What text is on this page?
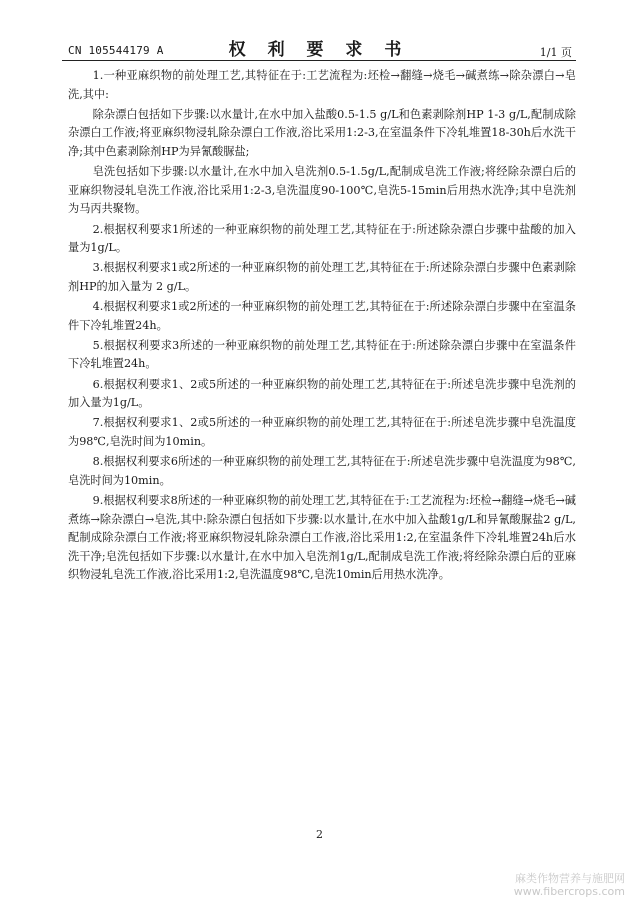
CN 105544179 A	权 利 要 求 书	1/1 页

1.一种亚麻织物的前处理工艺,其特征在于:工艺流程为:坯检→翻缝→烧毛→碱煮练→除杂漂白→皂洗,其中:

除杂漂白包括如下步骤:以水量计,在水中加入盐酸0.5-1.5 g/L和色素剥除剂HP 1-3 g/L,配制成除杂漂白工作液;将亚麻织物浸轧除杂漂白工作液,浴比采用1:2-3,在室温条件下冷轧堆置18-30h后水洗干净;其中色素剥除剂HP为异氰酸脲盐;

皂洗包括如下步骤:以水量计,在水中加入皂洗剂0.5-1.5g/L,配制成皂洗工作液;将经除杂漂白后的亚麻织物浸轧皂洗工作液,浴比采用1:2-3,皂洗温度90-100℃,皂洗5-15min后用热水洗净;其中皂洗剂为马丙共聚物。

2.根据权利要求1所述的一种亚麻织物的前处理工艺,其特征在于:所述除杂漂白步骤中盐酸的加入量为1g/L。

3.根据权利要求1或2所述的一种亚麻织物的前处理工艺,其特征在于:所述除杂漂白步骤中色素剥除剂HP的加入量为 2 g/L。

4.根据权利要求1或2所述的一种亚麻织物的前处理工艺,其特征在于:所述除杂漂白步骤中在室温条件下冷轧堆置24h。

5.根据权利要求3所述的一种亚麻织物的前处理工艺,其特征在于:所述除杂漂白步骤中在室温条件下冷轧堆置24h。

6.根据权利要求1、2或5所述的一种亚麻织物的前处理工艺,其特征在于:所述皂洗步骤中皂洗剂的加入量为1g/L。

7.根据权利要求1、2或5所述的一种亚麻织物的前处理工艺,其特征在于:所述皂洗步骤中皂洗温度为98℃,皂洗时间为10min。

8.根据权利要求6所述的一种亚麻织物的前处理工艺,其特征在于:所述皂洗步骤中皂洗温度为98℃,皂洗时间为10min。

9.根据权利要求8所述的一种亚麻织物的前处理工艺,其特征在于:工艺流程为:坯检→翻缝→烧毛→碱煮练→除杂漂白→皂洗,其中:除杂漂白包括如下步骤:以水量计,在水中加入盐酸1g/L和异氰酸脲盐2 g/L,配制成除杂漂白工作液;将亚麻织物浸轧除杂漂白工作液,浴比采用1:2,在室温条件下冷轧堆置24h后水洗干净;皂洗包括如下步骤:以水量计,在水中加入皂洗剂1g/L,配制成皂洗工作液;将经除杂漂白后的亚麻织物浸轧皂洗工作液,浴比采用1:2,皂洗温度98℃,皂洗10min后用热水洗净。

2
麻类作物营养与施肥网
www.fibercrops.com
